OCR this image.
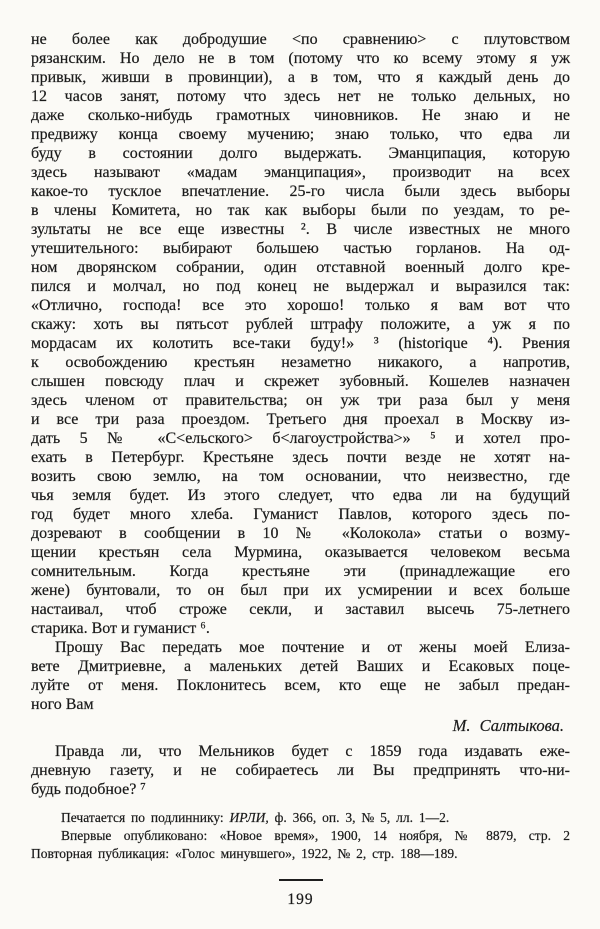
не более как добродушие <по сравнению> с плутовством
рязанским. Но дело не в том (потому что ко всему этому я уж
привык, живши в провинции), а в том, что я каждый день до
12 часов занят, потому что здесь нет не только дельных, но
даже сколько-нибудь грамотных чиновников. Не знаю и не
предвижу конца своему мучению; знаю только, что едва ли
буду в состоянии долго выдержать. Эманципация, которую
здесь называют «мадам эманципация», производит на всех
какое-то тусклое впечатление. 25-го числа были здесь выборы
в члены Комитета, но так как выборы были по уездам, то ре-
зультаты не все еще известны ². В числе известных не много
утешительного: выбирают большею частью горланов. На од-
ном дворянском собрании, один отставной военный долго кре-
пился и молчал, но под конец не выдержал и выразился так:
«Отлично, господа! все это хорошо! только я вам вот что
скажу: хоть вы пятьсот рублей штрафу положите, а уж я по
мордасам их колотить все-таки буду!» ³ (historique ⁴). Рвения
к освобождению крестьян незаметно никакого, а напротив,
слышен повсюду плач и скрежет зубовный. Кошелев назначен
здесь членом от правительства; он уж три раза был у меня
и все три раза проездом. Третьего дня проехал в Москву из-
дать 5 № «С<ельского> б<лагоустройства>» ⁵ и хотел про-
ехать в Петербург. Крестьяне здесь почти везде не хотят на-
возить свою землю, на том основании, что неизвестно, где
чья земля будет. Из этого следует, что едва ли на будущий
год будет много хлеба. Гуманист Павлов, которого здесь по-
дозревают в сообщении в 10 № «Колокола» статьи о возму-
щении крестьян села Мурмина, оказывается человеком весьма
сомнительным. Когда крестьяне эти (принадлежащие его
жене) бунтовали, то он был при их усмирении и всех больше
настаивал, чтоб строже секли, и заставил высечь 75-летнего
старика. Вот и гуманист ⁶.
Прошу Вас передать мое почтение и от жены моей Елиза-
вете Дмитриевне, а маленьких детей Ваших и Есаковых поце-
луйте от меня. Поклонитесь всем, кто еще не забыл предан-
ного Вам
М. Салтыкова.
Правда ли, что Мельников будет с 1859 года издавать еже-
дневную газету, и не собираетесь ли Вы предпринять что-ни-
будь подобное? ⁷
Печатается по подлиннику: ИРЛИ, ф. 366, оп. 3, № 5, лл. 1—2.
Впервые опубликовано: «Новое время», 1900, 14 ноября, № 8879, стр. 2
Повторная публикация: «Голос минувшего», 1922, № 2, стр. 188—189.
199
